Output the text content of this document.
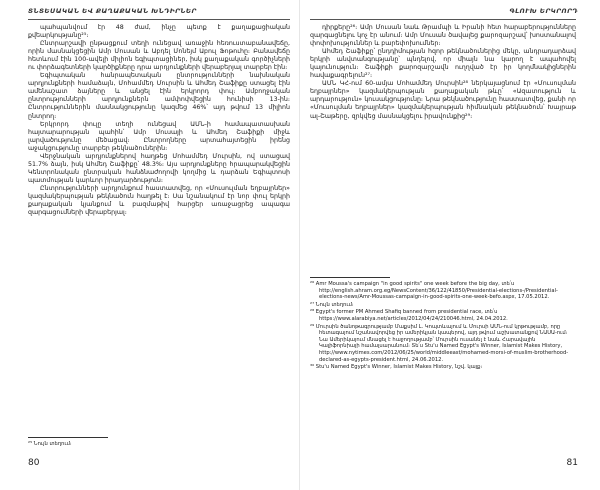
ՏՆՏԵՍԱԿԱՆ ԵՎ ՔԱՂԱՔԱԿԱՆ ԽՆԴԻՐՆԵՐ

պահպանվում էր 48 ժամ, ինչը պետք է քաղաքացիական քվեարկությանը²⁵։

Ընտրարշավի ընթացքում տեղի ունեցավ առաջին հեռուստաբանավեճը, որին մասնակցեցին Ամր Մուսան և Աբդել Մոնեյմ Աբուլ Ֆոթուհը։ Բանավեճը հետևում էին 100-ավելի միլիոն եգիպտացիներ, իսկ քաղաքական գործիչների ու փորձագետների կարծիքները դրա արդյունքների վերաբերյալ տարբեր էին։

Եգիպտական հանրապետական ընտրությունների նախնական արդյունքների համաձայն, Մոհամմեդ Մուրսին և Ահմեդ Շաֆիքը ստացել էին ամենաշատ ձայները և անցել էին երկրորդ փուլ։ Ամբողջական ընտրությունների արդյունքներն ամփոփվեցին հունիսի 13-ին։ Ընտրություններին մասնակցությունը կազմեց 46%՝ այդ թվում 13 միլիոն ընտրող։

Երկրորդ փուլը տեղի ունեցավ ԱՄՆ-ի համապատասխան հայտարարության պահին՝ Ամր Մուսայի և Ահմեդ Շաֆիքի միջև լարվածությունը մեծացավ։ Ընտրողները արտահայտեցին իրենց աջակցությունը տարբեր թեկնածուներին։

Վերջնական արդյունքներով հաղթեց Մոհամմեդ Մուրսին, ով ստացավ 51.7% ձայն, իսկ Ահմեդ Շաֆիքը՝ 48.3%։ Այս արդյունքները հրապարակվեցին Կենտրոնական ընտրական հանձնաժողովի կողմից և դարձան Եգիպտոսի պատմության կարևոր իրադարձություն։

Ընտրությունների արդյունքում հաստատվեց, որ «Մուսուլման եղբայրներ» կազմակերպության թեկնածուն հաղթել է։ Սա նշանակում էր նոր փուլ երկրի քաղաքական կյանքում և բազմաթիվ հարցեր առաջացրեց ապագա զարգացումների վերաբերյալ։

²⁵ Նույն տեղում։

80
ԳԼՈՒԽ ԵՐԿՐՈՐԴ

դիրքերը²⁶։ Ամր Մուսան նաև Թրամպի և Իրանի հետ հարաբերությունները զարգացնելու կոչ էր անում։ Ամր Մուսան ծավալեց քարոզարշավ՝ խոստանալով փոփոխություններ և բարեփոխումներ։

Ահմեդ Շաֆիքը՝ ընդդիմության հզոր թեկնածուներից մեկը, անդրադարձավ երկրի անվտանգությանը՝ պնդելով, որ միայն նա կարող է ապահովել կայունություն։ Շաֆիքի քարոզարշավն ուղղված էր իր կողմնակիցներին հավաքագրելուն²⁷։

ԱՄՆ ԿՀ-ում 60-ամյա Մոհամմեդ Մուրսին²⁸ ներկայացնում էր «Մուսուլման եղբայրներ» կազմակերպության քաղաքական թևը՝ «Ազատություն և արդարություն» կուսակցությունը։ Նրա թեկնածությունը հաստատվեց, քանի որ «Մուսուլման եղբայրներ» կազմակերպության հիմնական թեկնածուն՝ Խայրաթ ալ-Շաթերը, զրկվեց մասնակցելու իրավունքից²⁹։

²⁶ Amr Moussa's campaign "in good spirits" one week before the big day, տե՛ս http://english.ahram.org.eg/NewsContent/36/122/41850/Presidential-elections-/Presidential-elections-news/Amr-Moussas-campaign-in-good-spirits-one-week-befo.aspx, 17.05.2012.

²⁷ Նույն տեղում։

²⁸ Egypt's former PM Ahmed Shafiq banned from presidential race, տե՛ս https://www.alarabiya.net/articles/2012/04/24/210046.html, 24.04.2012.

²⁹ Մուրսին ծանոթագրությամբ Մաքսիմ Լ. Կոպտևայում և Մուրսի ԱՄՆ-ում կրթությամբ, որը հետագայում նշանավորվեց իր ամերիկյան կապերով, այդ թվում աշխատանքով ՆԱՍԱ-ում։ Նա Ամերիկայում մնացել է հաջողությամբ՝ Մուրսին ուսանել է նաև Հարավային Կալիֆորնիայի համալսարանում։ Տե՛ս Stu'u Named Egypt's Winner, Islamist Makes History, http://www.nytimes.com/2012/06/25/world/middleeast/mohamed-morsi-of-muslim-brotherhood-declared-as-egypts-president.html, 24.06.2012.

³⁰ Stu'u Named Egypt's Winner, Islamist Makes History, նշվ. կայք։

81
